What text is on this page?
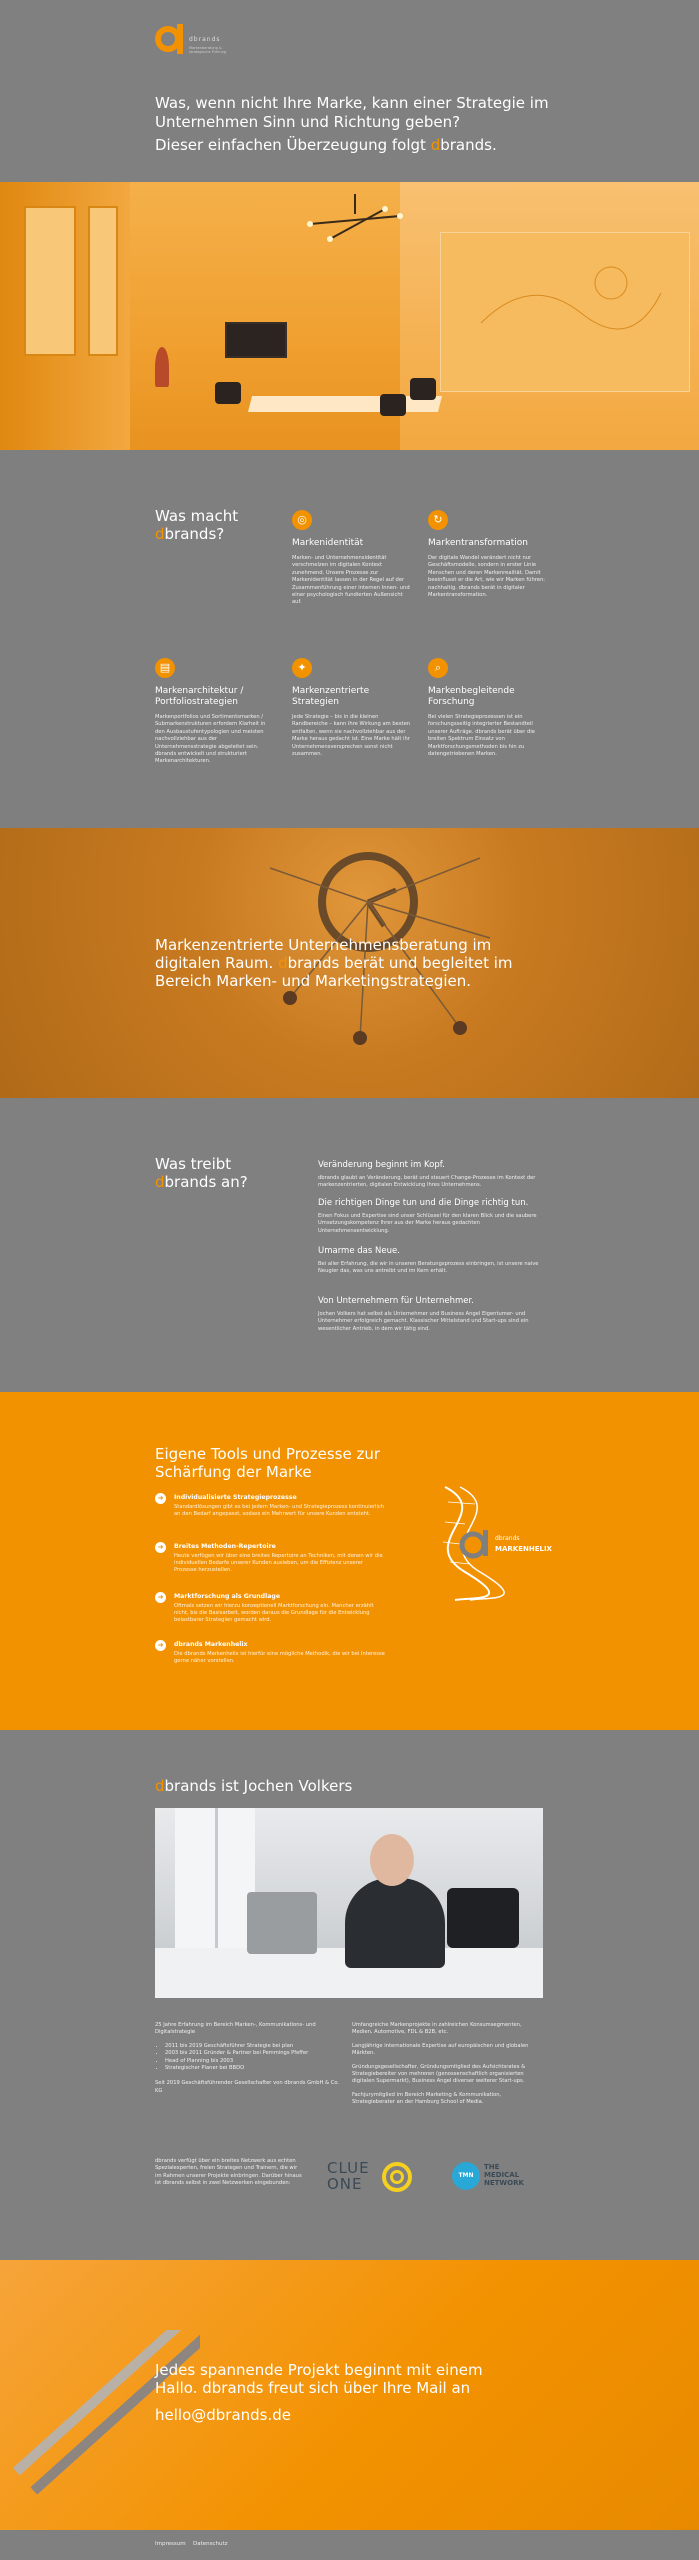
dbrands
Markenberatung & strategische Führung
Was, wenn nicht Ihre Marke, kann einer Strategie im Unternehmen Sinn und Richtung geben?
Dieser einfachen Überzeugung folgt dbrands.
Was macht
dbrands?
◎
Markenidentität

Marken- und Unternehmensidentität verschmelzen im digitalen Kontext zunehmend. Unsere Prozesse zur Markenidentität lassen in der Regel auf der Zusammenführung einer internen Innen- und einer psychologisch fundierten Außensicht auf.

↻
Markentransformation

Der digitale Wandel verändert nicht nur Geschäftsmodelle, sondern in erster Linie Menschen und deren Markenrealität. Damit beeinflusst er die Art, wie wir Marken führen: nachhaltig. dbrands berät in digitaler Markentransformation.

▤
Markenarchitektur / Portfoliostrategien

Markenportfolios und Sortimentsmarken / Submarkenstrukturen erfordern Klarheit in den Ausbaustufentypologien und meisten nachvollziehbar aus der Unternehmensstrategie abgeleitet sein. dbrands entwickelt und strukturiert Markenarchitekturen.

✦
Markenzentrierte Strategien

Jede Strategie – bis in die kleinen Randbereiche – kann ihre Wirkung am besten entfalten, wenn sie nachvollziehbar aus der Marke heraus gedacht ist. Eine Marke hält ihr Unternehmensversprechen sonst nicht zusammen.

⌕
Markenbegleitende Forschung

Bei vielen Strategieprozessen ist ein forschungsseitig integrierter Bestandteil unserer Aufträge. dbrands berät über die breiten Spektrum Einsatz von Marktforschungsmethoden bis hin zu datengetriebenen Marken.

Markenzentrierte Unternehmensberatung im
digitalen Raum. dbrands berät und begleitet im
Bereich Marken- und Marketingstrategien.
Was treibt
dbrands an?
Veränderung beginnt im Kopf.

dbrands glaubt an Veränderung, berät und steuert Change-Prozesse im Kontext der markenzentrierten, digitalen Entwicklung Ihres Unternehmens.

Die richtigen Dinge tun und die Dinge richtig tun.

Einen Fokus und Expertise sind unser Schlüssel für den klaren Blick und die saubere Umsetzungskompetenz Ihrer aus der Marke heraus gedachten Unternehmensentwicklung.

Umarme das Neue.

Bei aller Erfahrung, die wir in unseren Beratungsprozess einbringen, ist unsere naive Neugier das, was uns antreibt und im Kern erhält.

Von Unternehmern für Unternehmer.

Jochen Volkers hat selbst als Unternehmer und Business Angel Eigentumer- und Unternehmer erfolgreich gemacht. Klassischer Mittelstand und Start-ups sind ein wesentlicher Antrieb, in dem wir tätig sind.

Eigene Tools und Prozesse zur Schärfung der Marke
➜	Individualisierte Strategieprozesse

Standardlösungen gibt es bei jedem Marken- und Strategieprozess kontinuierlich an den Bedarf angepasst, sodass ein Mehrwert für unsere Kunden entsteht.

➜	Breites Methoden-Repertoire

Heute verfügen wir über eine breites Repertoire an Techniken, mit denen wir die individuellen Bedarfe unserer Kunden ausleben, um die Effizienz unserer Prozesse herzustellen.

➜	Marktforschung als Grundlage

Oftmals setzen wir hierzu konzeptionell Marktforschung ein. Mancher erzählt nicht, bis die Basisarbeit, worden daraus die Grundlage für die Entwicklung belastbarer Strategien gemacht wird.

➜	dbrands Markenhelix

Die dbrands Markenhelix ist hierfür eine mögliche Methodik, die wir bei Interesse gerne näher vorstellen.

dbrands
MARKENHELIX
dbrands ist Jochen Volkers

25 Jahre Erfahrung im Bereich Marken-, Kommunikations- und Digitalstrategie

• 2011 bis 2019 Geschäftsführer Strategie bei plan
• 2003 bis 2011 Gründer & Partner bei Pemmings Pfeffer
• Head of Planning bis 2003
• Strategischer Planer bei BBDO

Seit 2019 Geschäftsführender Gesellschafter von dbrands GmbH & Co. KG

Umfangreiche Markenprojekte in zahlreichen Konsumsegmenten, Medien, Automotive, FDL & B2B, etc.

Langjährige internationale Expertise auf europäischen und globalen Märkten.

Gründungsgesellschafter, Gründungsmitglied des Aufsichtsrates & Strategiebereiter von mehreren (genossenschaftlich organisierten digitalen Supermarkt), Business Angel diverser weiterer Start-ups.

Fachjurymitglied im Bereich Marketing & Kommunikation, Strategieberater an der Hamburg School of Media.

dbrands verfügt über ein breites Netzwerk aus echten Spezialexperten, freien Strategen und Trainern, die wir im Rahmen unserer Projekte einbringen. Darüber hinaus ist dbrands selbst in zwei Netzwerken eingebunden:
CLUE
ONE	TMN
THE
MEDICAL
NETWORK
Jedes spannende Projekt beginnt mit einem
Hallo. dbrands freut sich über Ihre Mail an
hello@dbrands.de
Impressum Datenschutz
